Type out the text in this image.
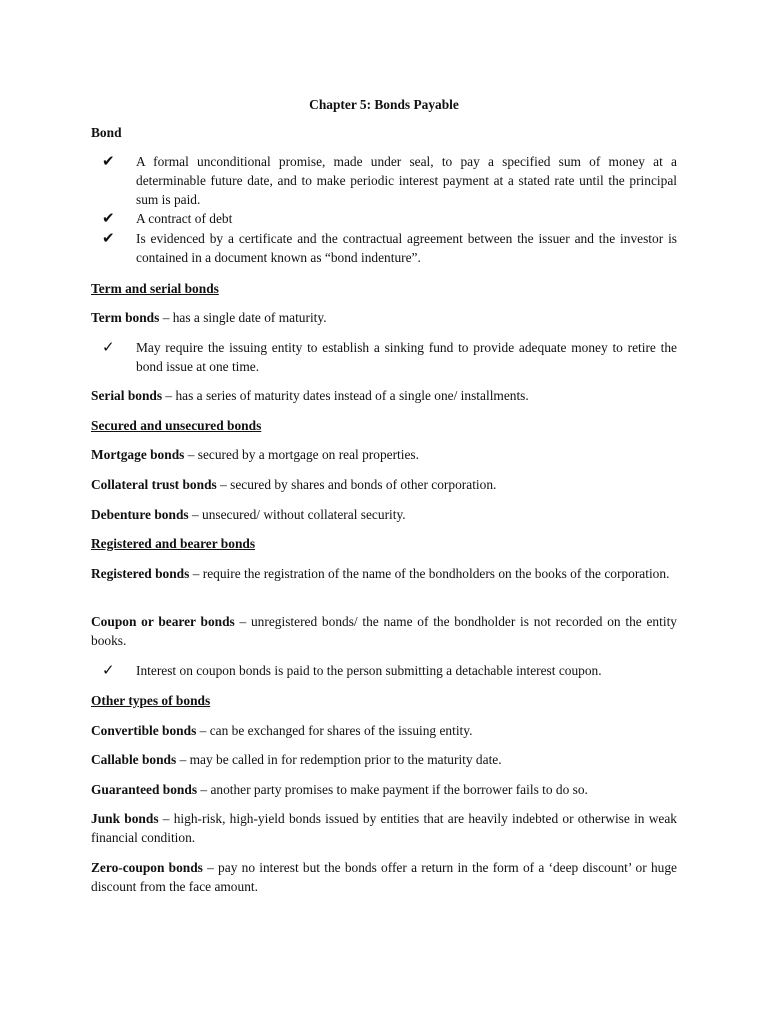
Chapter 5: Bonds Payable

Bond

✔	A formal unconditional promise, made under seal, to pay a specified sum of money at a determinable future date, and to make periodic interest payment at a stated rate until the principal sum is paid.
✔	A contract of debt
✔	Is evidenced by a certificate and the contractual agreement between the issuer and the investor is contained in a document known as “bond indenture”.

Term and serial bonds

Term bonds – has a single date of maturity.

✓	May require the issuing entity to establish a sinking fund to provide adequate money to retire the bond issue at one time.

Serial bonds – has a series of maturity dates instead of a single one/ installments.

Secured and unsecured bonds

Mortgage bonds – secured by a mortgage on real properties.

Collateral trust bonds – secured by shares and bonds of other corporation.

Debenture bonds – unsecured/ without collateral security.

Registered and bearer bonds

Registered bonds – require the registration of the name of the bondholders on the books of the corporation.

Coupon or bearer bonds – unregistered bonds/ the name of the bondholder is not recorded on the entity books.

✓	Interest on coupon bonds is paid to the person submitting a detachable interest coupon.

Other types of bonds

Convertible bonds – can be exchanged for shares of the issuing entity.

Callable bonds – may be called in for redemption prior to the maturity date.

Guaranteed bonds – another party promises to make payment if the borrower fails to do so.

Junk bonds – high-risk, high-yield bonds issued by entities that are heavily indebted or otherwise in weak financial condition.

Zero-coupon bonds – pay no interest but the bonds offer a return in the form of a ‘deep discount’ or huge discount from the face amount.
